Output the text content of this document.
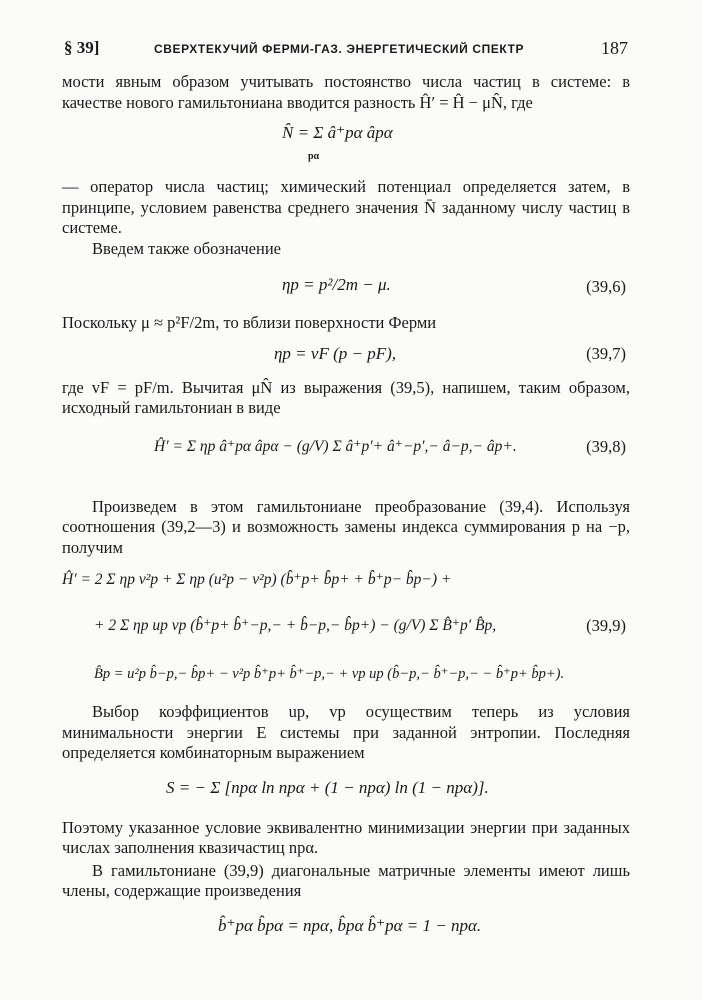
§ 39]	СВЕРХТЕКУЧИЙ ФЕРМИ-ГАЗ. ЭНЕРГЕТИЧЕСКИЙ СПЕКТР	187

мости явным образом учитывать постоянство числа частиц в системе: в качестве нового гамильтониана вводится разность Ĥ′ = Ĥ − μN̂, где

N̂ = Σ â⁺pα âpα
pα

— оператор числа частиц; химический потенциал определяется затем, в принципе, условием равенства среднего значения N̄ заданному числу частиц в системе.

Введем также обозначение

ηp = p²/2m − μ.	(39,6)

Поскольку μ ≈ p²F/2m, то вблизи поверхности Ферми

ηp = vF (p − pF),	(39,7)

где vF = pF/m. Вычитая μN̂ из выражения (39,5), напишем, таким образом, исходный гамильтониан в виде

Ĥ′ = Σ ηp â⁺pα âpα − (g/V) Σ â⁺p′+ â⁺−p′,− â−p,− âp+.	(39,8)

Произведем в этом гамильтониане преобразование (39,4). Используя соотношения (39,2—3) и возможность замены индекса суммирования p на −p, получим

Ĥ′ = 2 Σ ηp v²p + Σ ηp (u²p − v²p) (b̂⁺p+ b̂p+ + b̂⁺p− b̂p−) +
+ 2 Σ ηp up vp (b̂⁺p+ b̂⁺−p,− + b̂−p,− b̂p+) − (g/V) Σ B̂⁺p′ B̂p,	(39,9)
B̂p = u²p b̂−p,− b̂p+ − v²p b̂⁺p+ b̂⁺−p,− + vp up (b̂−p,− b̂⁺−p,− − b̂⁺p+ b̂p+).

Выбор коэффициентов up, vp осуществим теперь из условия минимальности энергии E системы при заданной энтропии. Последняя определяется комбинаторным выражением

S = − Σ [npα ln npα + (1 − npα) ln (1 − npα)].

Поэтому указанное условие эквивалентно минимизации энергии при заданных числах заполнения квазичастиц npα.

В гамильтониане (39,9) диагональные матричные элементы имеют лишь члены, содержащие произведения

b̂⁺pα b̂pα = npα, b̂pα b̂⁺pα = 1 − npα.
